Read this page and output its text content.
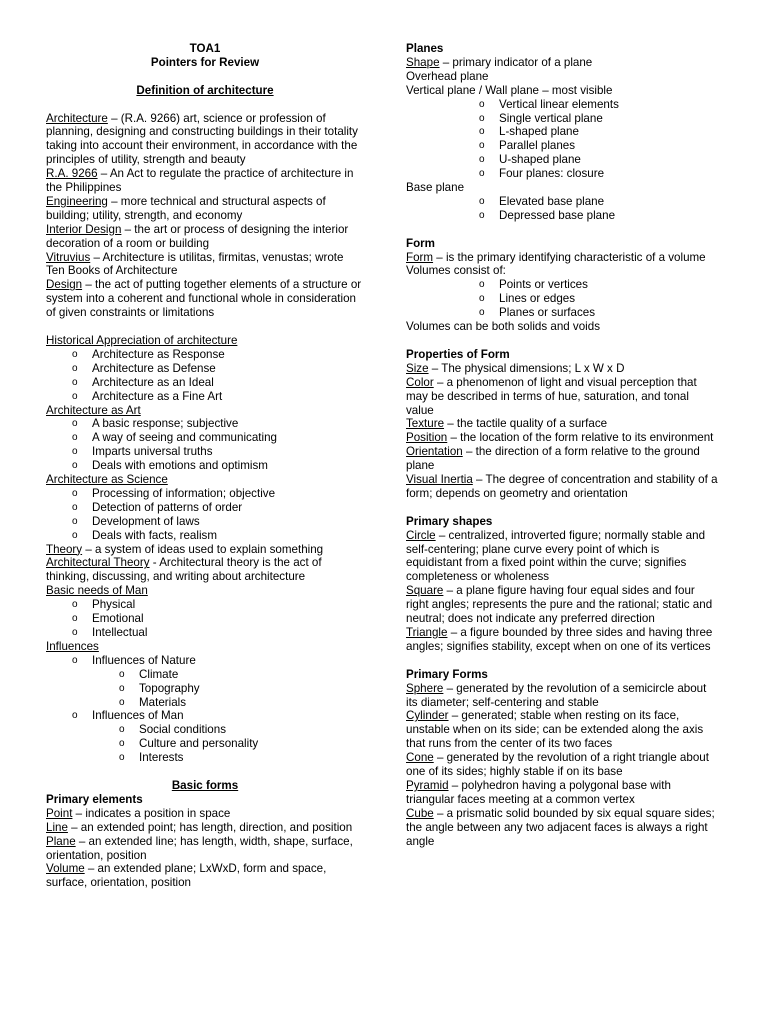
TOA1

Pointers for Review

Definition of architecture

Architecture – (R.A. 9266) art, science or profession of planning, designing and constructing buildings in their totality taking into account their environment, in accordance with the principles of utility, strength and beauty

R.A. 9266 – An Act to regulate the practice of architecture in the Philippines

Engineering – more technical and structural aspects of building; utility, strength, and economy

Interior Design – the art or process of designing the interior decoration of a room or building

Vitruvius – Architecture is utilitas, firmitas, venustas; wrote Ten Books of Architecture

Design – the act of putting together elements of a structure or system into a coherent and functional whole in consideration of given constraints or limitations

Historical Appreciation of architecture

o Architecture as Response
o Architecture as Defense
o Architecture as an Ideal
o Architecture as a Fine Art

Architecture as Art

o A basic response; subjective
o A way of seeing and communicating
o Imparts universal truths
o Deals with emotions and optimism

Architecture as Science

o Processing of information; objective
o Detection of patterns of order
o Development of laws
o Deals with facts, realism

Theory – a system of ideas used to explain something

Architectural Theory - Architectural theory is the act of thinking, discussing, and writing about architecture

Basic needs of Man

o Physical
o Emotional
o Intellectual

Influences

o Influences of Nature
o Climate
o Topography
o Materials
o Influences of Man
o Social conditions
o Culture and personality
o Interests

Basic forms

Primary elements

Point – indicates a position in space

Line – an extended point; has length, direction, and position

Plane – an extended line; has length, width, shape, surface, orientation, position

Volume – an extended plane; LxWxD, form and space, surface, orientation, position

Planes

Shape – primary indicator of a plane

Overhead plane

Vertical plane / Wall plane – most visible

o Vertical linear elements
o Single vertical plane
o L-shaped plane
o Parallel planes
o U-shaped plane
o Four planes: closure

Base plane

o Elevated base plane
o Depressed base plane

Form

Form – is the primary identifying characteristic of a volume

Volumes consist of:

o Points or vertices
o Lines or edges
o Planes or surfaces

Volumes can be both solids and voids

Properties of Form

Size – The physical dimensions; L x W x D

Color – a phenomenon of light and visual perception that may be described in terms of hue, saturation, and tonal value

Texture – the tactile quality of a surface

Position – the location of the form relative to its environment

Orientation – the direction of a form relative to the ground plane

Visual Inertia – The degree of concentration and stability of a form; depends on geometry and orientation

Primary shapes

Circle – centralized, introverted figure; normally stable and self-centering; plane curve every point of which is equidistant from a fixed point within the curve; signifies completeness or wholeness

Square – a plane figure having four equal sides and four right angles; represents the pure and the rational; static and neutral; does not indicate any preferred direction

Triangle – a figure bounded by three sides and having three angles; signifies stability, except when on one of its vertices

Primary Forms

Sphere – generated by the revolution of a semicircle about its diameter; self-centering and stable

Cylinder – generated; stable when resting on its face, unstable when on its side; can be extended along the axis that runs from the center of its two faces

Cone – generated by the revolution of a right triangle about one of its sides; highly stable if on its base

Pyramid – polyhedron having a polygonal base with triangular faces meeting at a common vertex

Cube – a prismatic solid bounded by six equal square sides; the angle between any two adjacent faces is always a right angle
